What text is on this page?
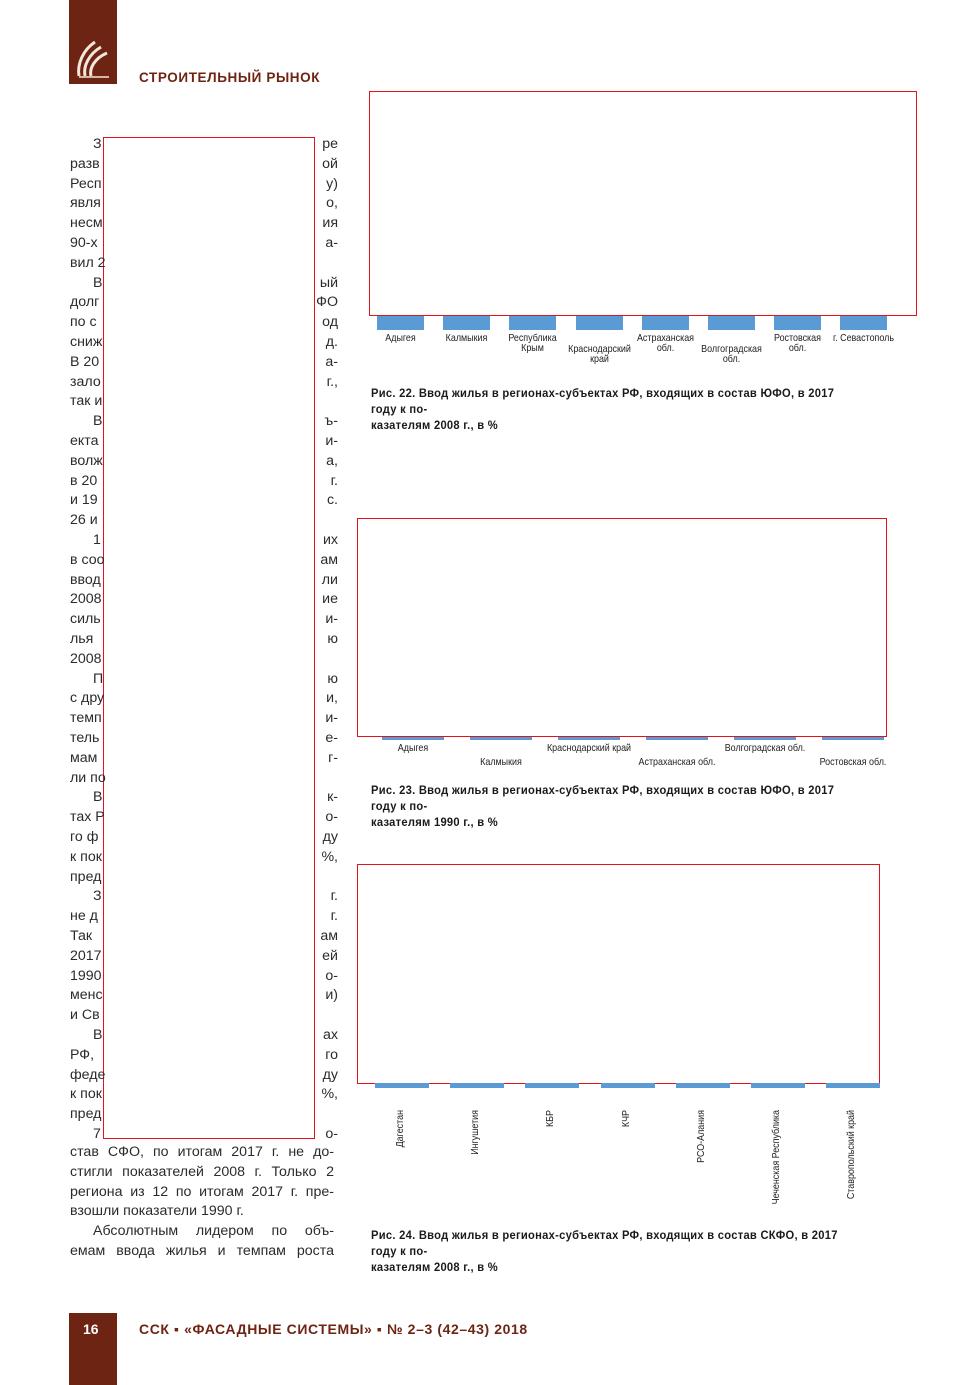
СТРОИТЕЛЬНЫЙ РЫНОК
З	ре
разв	ой
Респ	у)
явля	о,
несм	ия
90-х	а-
вил 2
В	ый
долг	ФО
по с	од
сниж	д.
В 20	а-
зало	г.,
так и
В	ъ-
екта	и-
волж	а,
в 20	г.
и 19	с.
26 и
1	их
в соо	ам
ввод	ли
2008	ие
силь	и-
лья	ю
2008
П	ю
с дру	и,
темп	и-
тель	е-
мам	г-
ли по
В	к-
тах Р	о-
го ф	ду
к пок	%,
пред
З	г.
не д	г.
Так	ам
2017	ей
1990	о-
менс	и)
и Св
В	ах
РФ,	го
феде	ду
к пок	%,
пред
7	о-
став СФО, по итогам 2017 г. не до-
стигли показателей 2008 г. Только 2
региона из 12 по итогам 2017 г. пре-
взошли показатели 1990 г.
Абсолютным лидером по объ-
емам ввода жилья и темпам роста
Адыгея	Калмыкия	Республика
Крым	Краснодарский
край
Астраханская
обл.	Волгоградская
обл.
Ростовская
обл.
г. Севастополь
Рис. 22. Ввод жилья в регионах-субъектах РФ, входящих в состав ЮФО, в 2017 году к по-
казателям 2008 г., в %
Адыгея
Калмыкия
Краснодарский край
Астраханская обл.
Волгоградская обл.
Ростовская обл.
Рис. 23. Ввод жилья в регионах-субъектах РФ, входящих в состав ЮФО, в 2017 году к по-
казателям 1990 г., в %
Дагестан	Ингушетия	КБР	КЧР	РСО-Алания	Чеченская Республика	Ставропольский край
Рис. 24. Ввод жилья в регионах-субъектах РФ, входящих в состав СКФО, в 2017 году к по-
казателям 2008 г., в %
16	ССК ▪ «ФАСАДНЫЕ СИСТЕМЫ» ▪ № 2–3 (42–43) 2018
